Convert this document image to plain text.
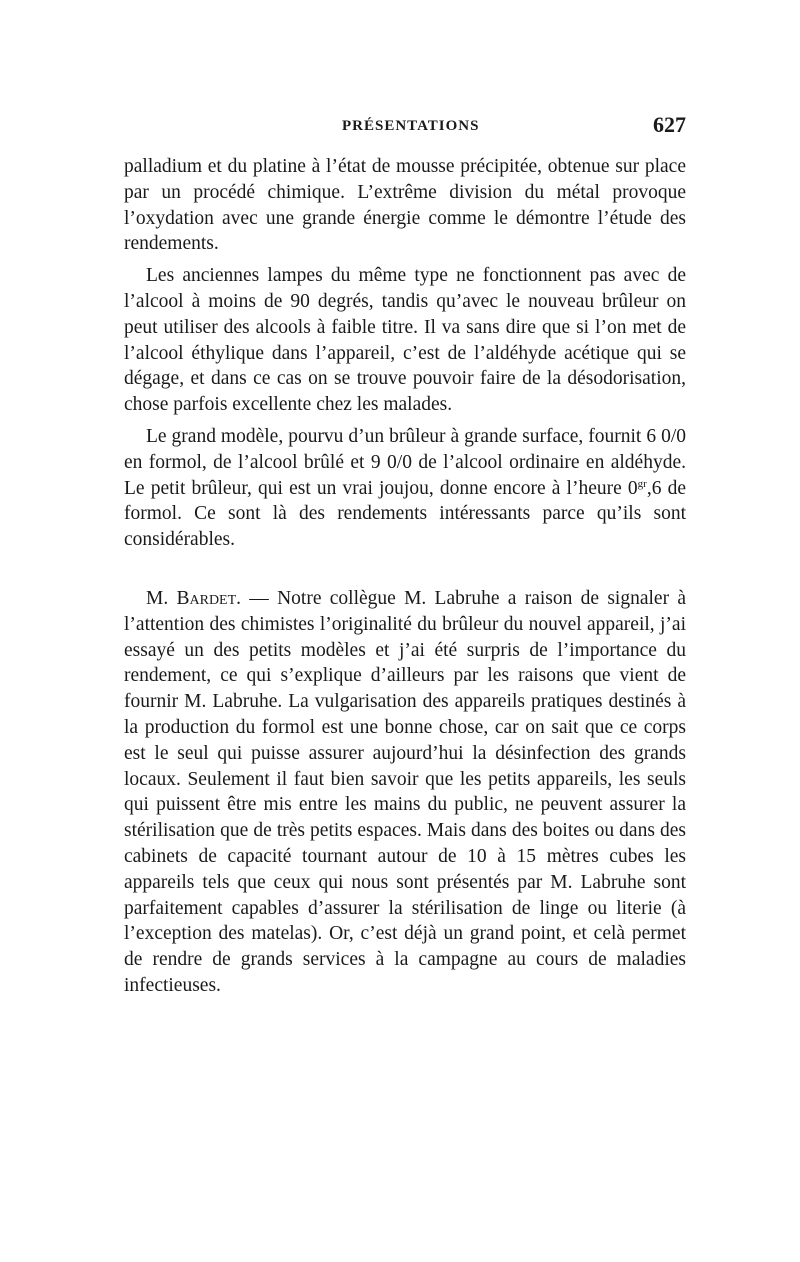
PRÉSENTATIONS	627

palladium et du platine à l’état de mousse précipitée, obtenue sur place par un procédé chimique. L’extrême division du métal provoque l’oxydation avec une grande énergie comme le démontre l’étude des rendements.

Les anciennes lampes du même type ne fonctionnent pas avec de l’alcool à moins de 90 degrés, tandis qu’avec le nouveau brûleur on peut utiliser des alcools à faible titre. Il va sans dire que si l’on met de l’alcool éthylique dans l’appareil, c’est de l’aldéhyde acétique qui se dégage, et dans ce cas on se trouve pouvoir faire de la désodorisation, chose parfois excellente chez les malades.

Le grand modèle, pourvu d’un brûleur à grande surface, fournit 6 0/0 en formol, de l’alcool brûlé et 9 0/0 de l’alcool ordinaire en aldéhyde. Le petit brûleur, qui est un vrai joujou, donne encore à l’heure $0^{gr},6$ de formol. Ce sont là des rendements intéressants parce qu’ils sont considérables.

M. Bardet. — Notre collègue M. Labruhe a raison de signaler à l’attention des chimistes l’originalité du brûleur du nouvel appareil, j’ai essayé un des petits modèles et j’ai été surpris de l’importance du rendement, ce qui s’explique d’ailleurs par les raisons que vient de fournir M. Labruhe. La vulgarisation des appareils pratiques destinés à la production du formol est une bonne chose, car on sait que ce corps est le seul qui puisse assurer aujourd’hui la désinfection des grands locaux. Seulement il faut bien savoir que les petits appareils, les seuls qui puissent être mis entre les mains du public, ne peuvent assurer la stérilisation que de très petits espaces. Mais dans des boites ou dans des cabinets de capacité tournant autour de 10 à 15 mètres cubes les appareils tels que ceux qui nous sont présentés par M. Labruhe sont parfaitement capables d’assurer la stérilisation de linge ou literie (à l’exception des matelas). Or, c’est déjà un grand point, et celà permet de rendre de grands services à la campagne au cours de maladies infectieuses.
